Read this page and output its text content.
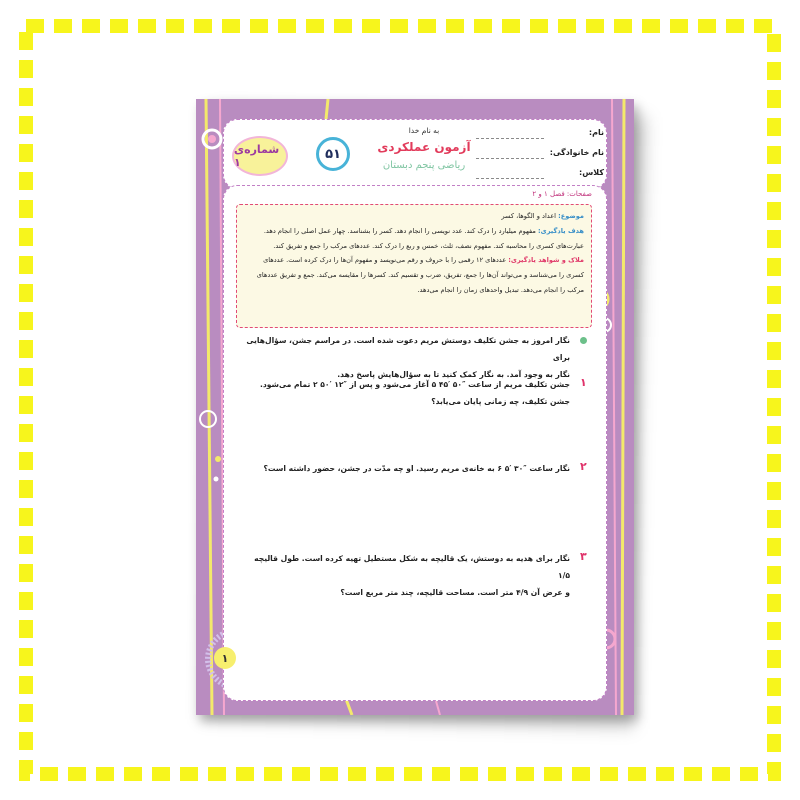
شماره‌ی ۱
۵۱
به نام خدا
آزمون عملکردی
ریاضی پنجم دبستان
نام:
نام خانوادگی:
کلاس:
صفحات: فصل ۱ و ۲
موضوع: اعداد و الگوها، کسر
هدف یادگیری: مفهوم میلیارد را درک کند. عدد نویسی را انجام دهد. کسر را بشناسد. چهار عمل اصلی را انجام دهد. عبارت‌های کسری را محاسبه کند. مفهوم نصف، ثلث، خمس و ربع را درک کند. عددهای مرکب را جمع و تفریق کند.
ملاک و شواهد یادگیری: عددهای ۱۲ رقمی را با حروف و رقم می‌نویسد و مفهوم آن‌ها را درک کرده است. عددهای کسری را می‌شناسد و می‌تواند آن‌ها را جمع، تفریق، ضرب و تقسیم کند. کسرها را مقایسه می‌کند. جمع و تفریق عددهای مرکب را انجام می‌دهد. تبدیل واحدهای زمان را انجام می‌دهد.
نگار امروز به جشن تکلیف دوستش مریم دعوت شده است. در مراسم جشن، سؤال‌هایی برای
نگار به وجود آمد. به نگار کمک کنید تا به سؤال‌هایش پاسخ دهد.
۱
جشن تکلیف مریم از ساعت ″۵۰ ′۴۵ ۵ آغاز می‌شود و پس از ″۱۲ ′۵۰ ۲ تمام می‌شود.
جشن تکلیف، چه زمانی پایان می‌یابد؟
۲
نگار ساعت ″۳۰ ′۵ ۶ به خانه‌ی مریم رسید. او چه مدّت در جشن، حضور داشته است؟
۳
نگار برای هدیه به دوستش، یک قالیچه به شکل مستطیل تهیه کرده است. طول قالیچه ۱/۵
و عرض آن ۴/۹ متر است. مساحت قالیچه، چند متر مربع است؟
۱
